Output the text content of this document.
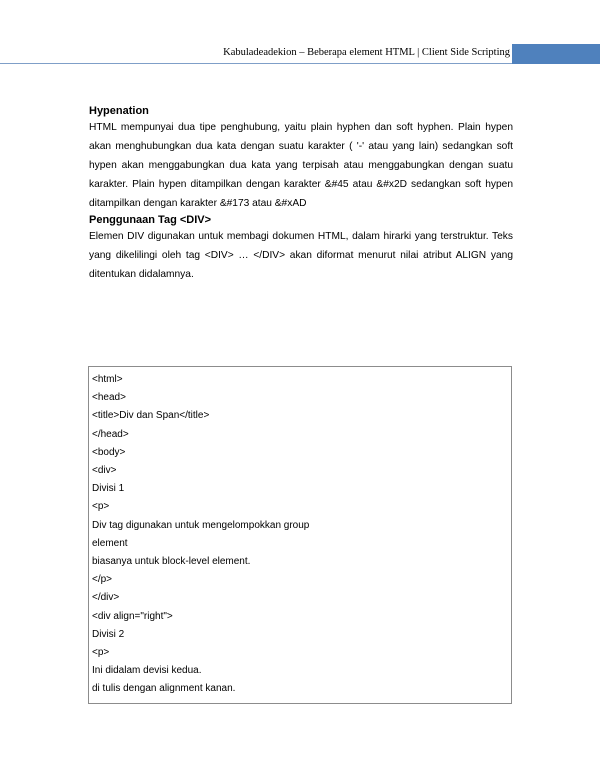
Kabuladeadekion – Beberapa element HTML | Client Side Scripting
Hypenation

HTML mempunyai dua tipe penghubung, yaitu plain hyphen dan soft hyphen. Plain hypen akan menghubungkan dua kata dengan suatu karakter ( '-' atau yang lain) sedangkan soft hypen akan menggabungkan dua kata yang terpisah atau menggabungkan dengan suatu karakter. Plain hypen ditampilkan dengan karakter &#45 atau &#x2D sedangkan soft hypen ditampilkan dengan karakter &#173 atau &#xAD

Penggunaan Tag <DIV>

Elemen DIV digunakan untuk membagi dokumen HTML, dalam hirarki yang terstruktur. Teks yang dikelilingi oleh tag <DIV> … </DIV> akan diformat menurut nilai atribut ALIGN yang ditentukan didalamnya.

<html>
<head>
<title>Div dan Span</title>
</head>
<body>
<div>
Divisi 1
<p>
Div tag digunakan untuk mengelompokkan group
element
biasanya untuk block-level element.
</p>
</div>
<div align="right">
Divisi 2
<p>
Ini didalam devisi kedua.
di tulis dengan alignment kanan.
